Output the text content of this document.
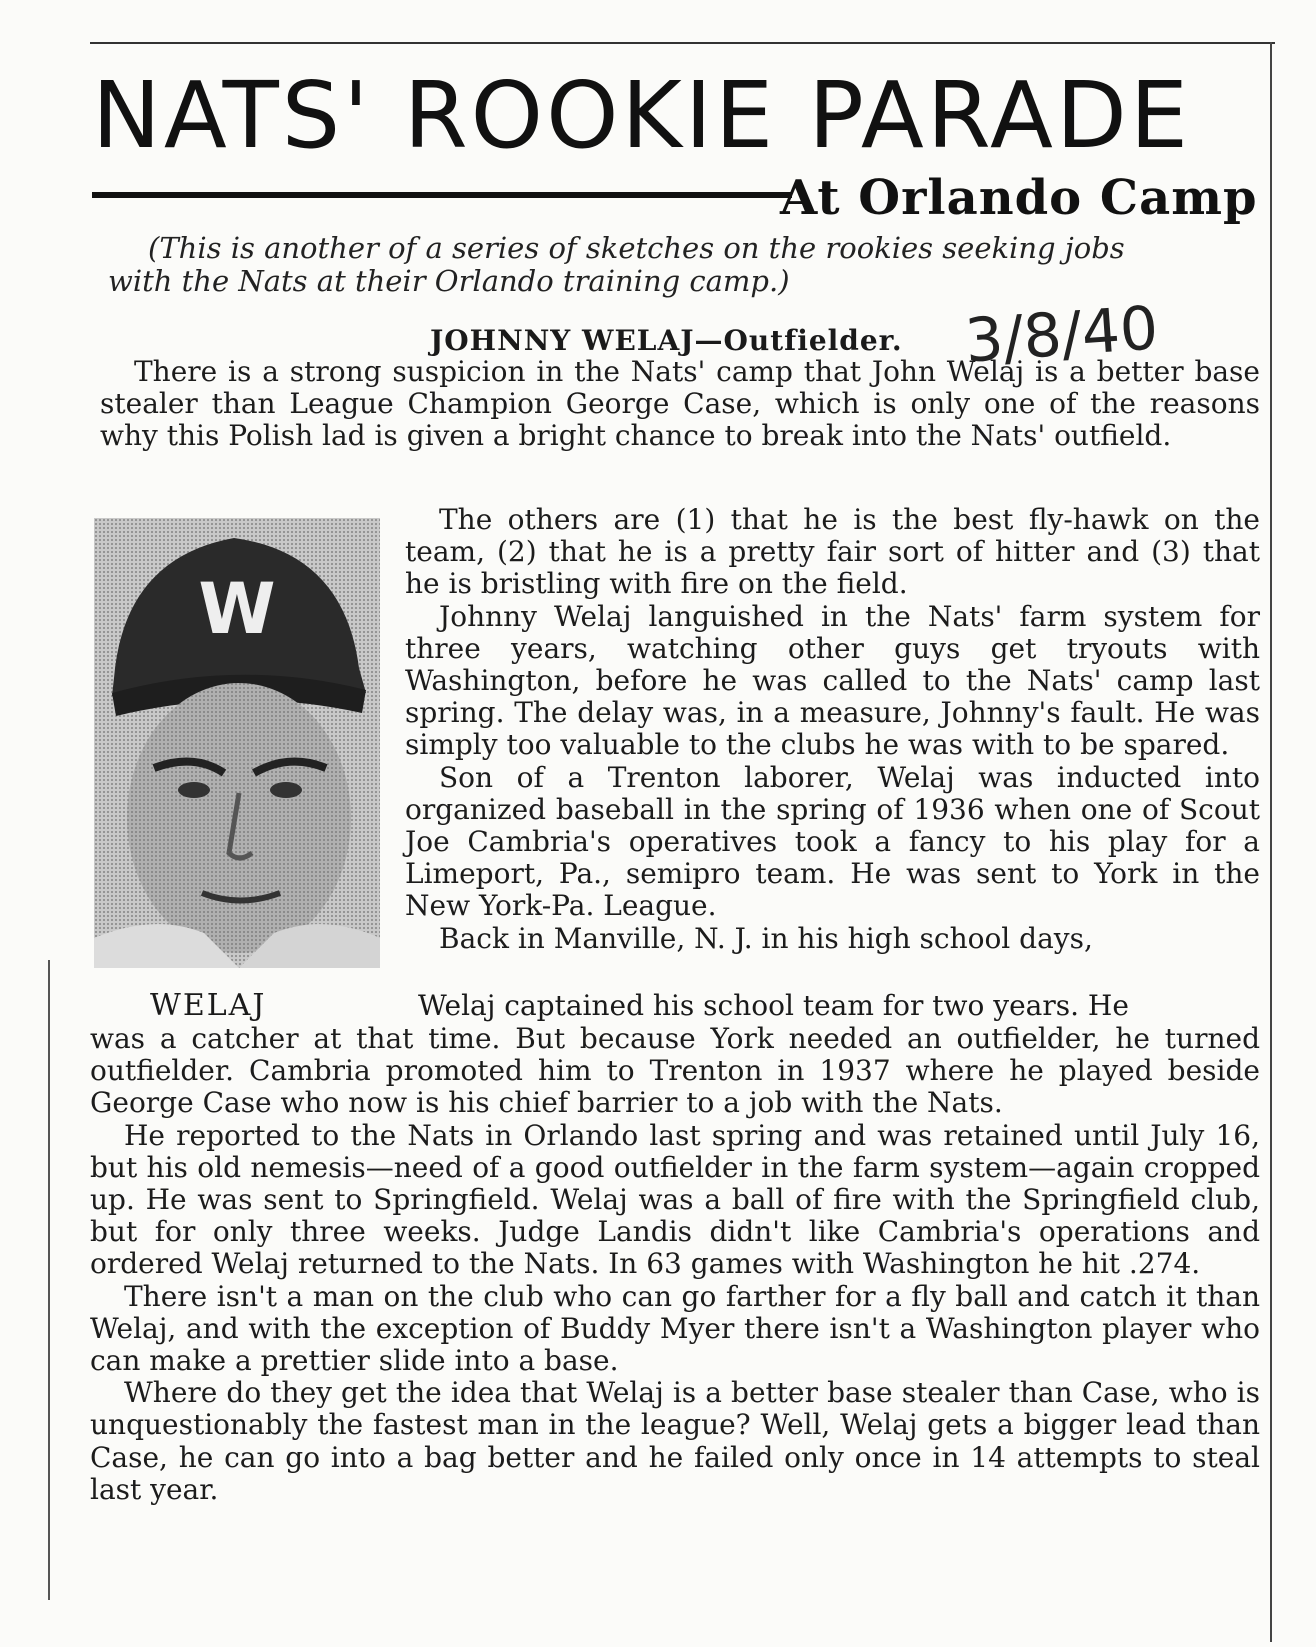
NATS' ROOKIE PARADE
At Orlando Camp
(This is another of a series of sketches on the rookies seeking jobs
with the Nats at their Orlando training camp.)
JOHNNY WELAJ—Outfielder. 3/8/40

There is a strong suspicion in the Nats' camp that John Welaj is a better base stealer than League Champion George Case, which is only one of the reasons why this Polish lad is given a bright chance to break into the Nats' outfield.

W

The others are (1) that he is the best fly-hawk on the team, (2) that he is a pretty fair sort of hitter and (3) that he is bristling with fire on the field.

Johnny Welaj languished in the Nats' farm system for three years, watching other guys get tryouts with Washington, before he was called to the Nats' camp last spring. The delay was, in a measure, Johnny's fault. He was simply too valuable to the clubs he was with to be spared.

Son of a Trenton laborer, Welaj was inducted into organized baseball in the spring of 1936 when one of Scout Joe Cambria's operatives took a fancy to his play for a Limeport, Pa., semipro team. He was sent to York in the New York-Pa. League.

Back in Manville, N. J. in his high school days,

WELAJ	Welaj captained his school team for two years. He

was a catcher at that time. But because York needed an outfielder, he turned outfielder. Cambria promoted him to Trenton in 1937 where he played beside George Case who now is his chief barrier to a job with the Nats.

He reported to the Nats in Orlando last spring and was retained until July 16, but his old nemesis—need of a good outfielder in the farm system—again cropped up. He was sent to Springfield. Welaj was a ball of fire with the Springfield club, but for only three weeks. Judge Landis didn't like Cambria's operations and ordered Welaj returned to the Nats. In 63 games with Washington he hit .274.

There isn't a man on the club who can go farther for a fly ball and catch it than Welaj, and with the exception of Buddy Myer there isn't a Washington player who can make a prettier slide into a base.

Where do they get the idea that Welaj is a better base stealer than Case, who is unquestionably the fastest man in the league? Well, Welaj gets a bigger lead than Case, he can go into a bag better and he failed only once in 14 attempts to steal last year.
